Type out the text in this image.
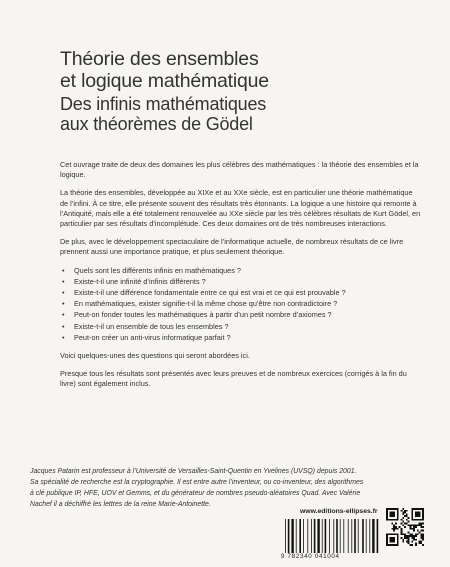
Théorie des ensembles
et logique mathématique
Des infinis mathématiques
aux théorèmes de Gödel

Cet ouvrage traite de deux des domaines les plus célèbres des mathématiques : la théorie des ensembles et la logique.

La théorie des ensembles, développée au XIXe et au XXe siècle, est en particulier une théorie mathématique de l’infini. À ce titre, elle présente souvent des résultats très étonnants. La logique a une histoire qui remonte à l’Antiquité, mais elle a été totalement renouvelée au XXe siècle par les très célèbres résultats de Kurt Gödel, en particulier par ses résultats d’incomplétude. Ces deux domaines ont de très nombreuses interactions.

De plus, avec le développement spectaculaire de l’informatique actuelle, de nombreux résultats de ce livre prennent aussi une importance pratique, et plus seulement théorique.

• Quels sont les différents infinis en mathématiques ?
• Existe-t-il une infinité d’infinis différents ?
• Existe-t-il une différence fondamentale entre ce qui est vrai et ce qui est prouvable ?
• En mathématiques, exister signifie-t-il la même chose qu’être non contradictoire ?
• Peut-on fonder toutes les mathématiques à partir d’un petit nombre d’axiomes ?
• Existe-t-il un ensemble de tous les ensembles ?
• Peut-on créer un anti-virus informatique parfait ?

Voici quelques-unes des questions qui seront abordées ici.

Presque tous les résultats sont présentés avec leurs preuves et de nombreux exercices (corrigés à la fin du livre) sont également inclus.

Jacques Patarin est professeur à l’Université de Versailles-Saint-Quentin en Yvelines (UVSQ) depuis 2001. Sa spécialité de recherche est la cryptographie. Il est entre autre l’inventeur, ou co-inventeur, des algorithmes à clé publique IP, HFE, UOV et Gemms, et du générateur de nombres pseudo-aléatoires Quad. Avec Valérie Nachef il a déchiffré les lettres de la reine Marie-Antoinette.
www.editions-ellipses.fr
9 782340 041004
